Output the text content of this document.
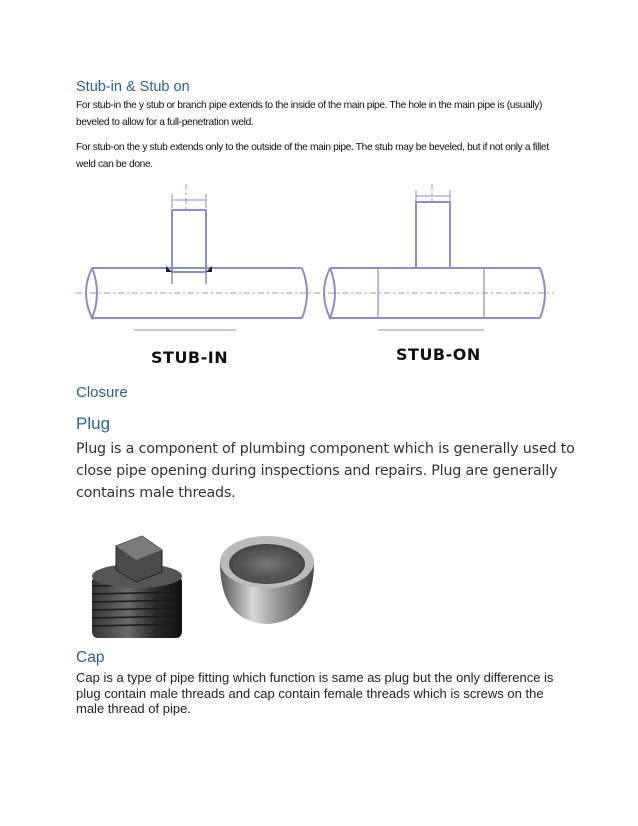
Stub-in & Stub on
For stub-in the y stub or branch pipe extends to the inside of the main pipe. The hole in the main pipe is (usually) beveled to allow for a full-penetration weld.
For stub-on the y stub extends only to the outside of the main pipe. The stub may be beveled, but if not only a fillet weld can be done.
STUB-IN	STUB-ON
Closure
Plug
Plug is a component of plumbing component which is generally used to close pipe opening during inspections and repairs. Plug are generally contains male threads.
Cap
Cap is a type of pipe fitting which function is same as plug but the only difference is plug contain male threads and cap contain female threads which is screws on the male thread of pipe.
